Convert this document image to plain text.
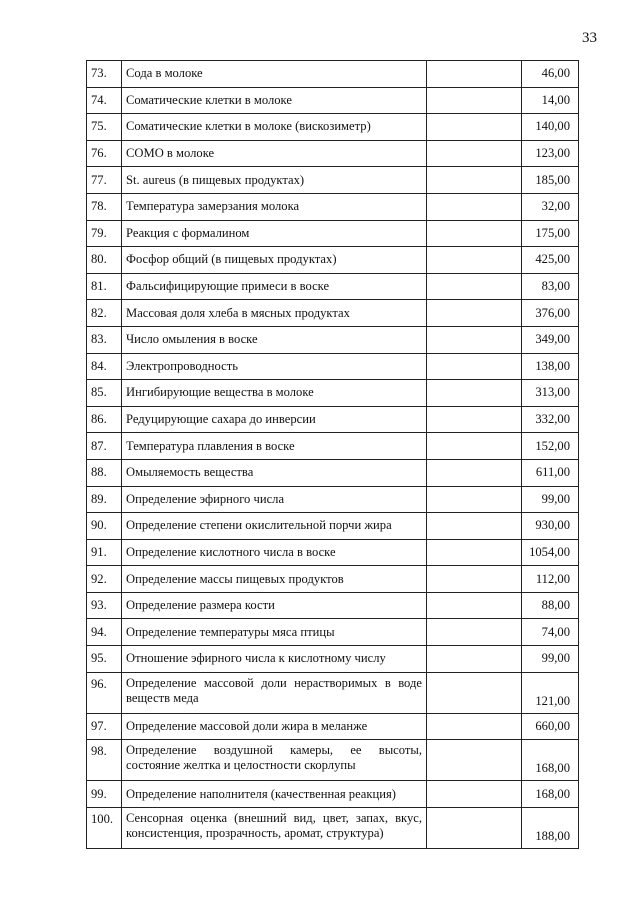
33
73.	Сода в молоке		46,00
74.	Соматические клетки в молоке		14,00
75.	Соматические клетки в молоке (вискозиметр)		140,00
76.	СОМО в молоке		123,00
77.	St. aureus (в пищевых продуктах)		185,00
78.	Температура замерзания молока		32,00
79.	Реакция с формалином		175,00
80.	Фосфор общий (в пищевых продуктах)		425,00
81.	Фальсифицирующие примеси в воске		83,00
82.	Массовая доля хлеба в мясных продуктах		376,00
83.	Число омыления в воске		349,00
84.	Электропроводность		138,00
85.	Ингибирующие вещества в молоке		313,00
86.	Редуцирующие сахара до инверсии		332,00
87.	Температура плавления в воске		152,00
88.	Омыляемость вещества		611,00
89.	Определение эфирного числа		99,00
90.	Определение степени окислительной порчи жира		930,00
91.	Определение кислотного числа в воске		1054,00
92.	Определение массы пищевых продуктов		112,00
93.	Определение размера кости		88,00
94.	Определение температуры мяса птицы		74,00
95.	Отношение эфирного числа к кислотному числу		99,00
96.	Определение массовой доли нерастворимых в воде веществ меда		121,00
97.	Определение массовой доли жира в меланже		660,00
98.	Определение воздушной камеры, ее высоты, состояние желтка и целостности скорлупы		168,00
99.	Определение наполнителя (качественная реакция)		168,00
100.	Сенсорная оценка (внешний вид, цвет, запах, вкус, консистенция, прозрачность, аромат, структура)		188,00
